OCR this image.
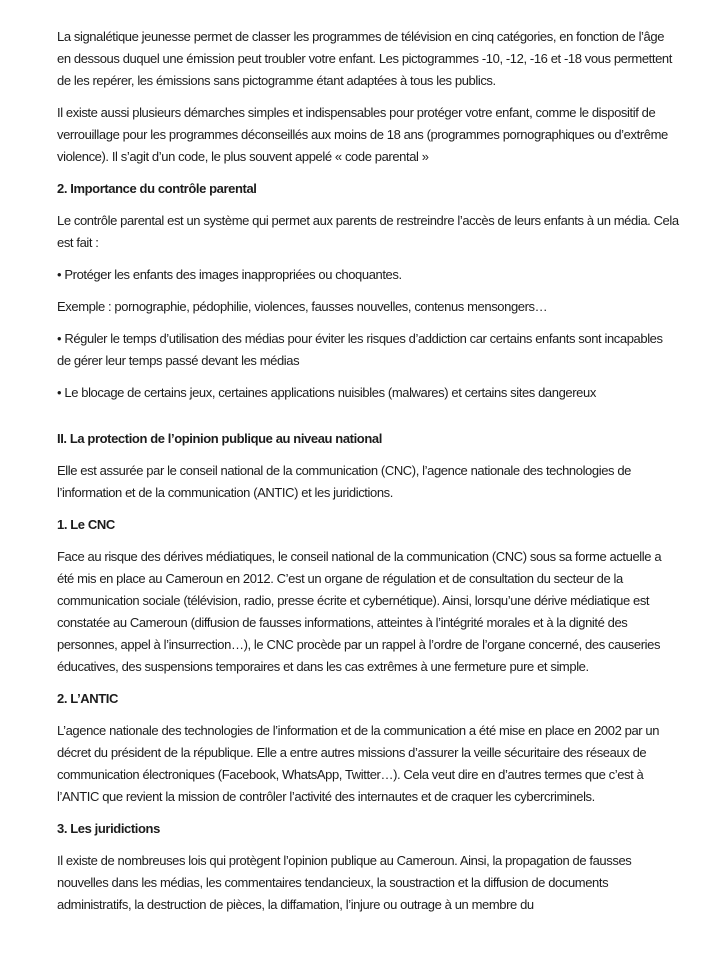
La signalétique jeunesse permet de classer les programmes de télévision en cinq catégories, en fonction de l’âge en dessous duquel une émission peut troubler votre enfant. Les pictogrammes -10, -12, -16 et -18 vous permettent de les repérer, les émissions sans pictogramme étant adaptées à tous les publics.
Il existe aussi plusieurs démarches simples et indispensables pour protéger votre enfant, comme le dispositif de verrouillage pour les programmes déconseillés aux moins de 18 ans (programmes pornographiques ou d’extrême violence). Il s’agit d’un code, le plus souvent appelé « code parental »
2. Importance du contrôle parental
Le contrôle parental est un système qui permet aux parents de restreindre l’accès de leurs enfants à un média. Cela est fait :
• Protéger les enfants des images inappropriées ou choquantes.
Exemple : pornographie, pédophilie, violences, fausses nouvelles, contenus mensongers…
• Réguler le temps d’utilisation des médias pour éviter les risques d’addiction car certains enfants sont incapables de gérer leur temps passé devant les médias
• Le blocage de certains jeux, certaines applications nuisibles (malwares) et certains sites dangereux
II. La protection de l’opinion publique au niveau national
Elle est assurée par le conseil national de la communication (CNC), l’agence nationale des technologies de l’information et de la communication (ANTIC) et les juridictions.
1. Le CNC
Face au risque des dérives médiatiques, le conseil national de la communication (CNC) sous sa forme actuelle a été mis en place au Cameroun en 2012. C’est un organe de régulation et de consultation du secteur de la communication sociale (télévision, radio, presse écrite et cybernétique). Ainsi, lorsqu’une dérive médiatique est constatée au Cameroun (diffusion de fausses informations, atteintes à l’intégrité morales et à la dignité des personnes, appel à l’insurrection…), le CNC procède par un rappel à l’ordre de l’organe concerné, des causeries éducatives, des suspensions temporaires et dans les cas extrêmes à une fermeture pure et simple.
2. L’ANTIC
L’agence nationale des technologies de l’information et de la communication a été mise en place en 2002 par un décret du président de la république. Elle a entre autres missions d’assurer la veille sécuritaire des réseaux de communication électroniques (Facebook, WhatsApp, Twitter…). Cela veut dire en d’autres termes que c’est à l’ANTIC que revient la mission de contrôler l’activité des internautes et de craquer les cybercriminels.
3. Les juridictions
Il existe de nombreuses lois qui protègent l’opinion publique au Cameroun. Ainsi, la propagation de fausses nouvelles dans les médias, les commentaires tendancieux, la soustraction et la diffusion de documents administratifs, la destruction de pièces, la diffamation, l’injure ou outrage à un membre du
